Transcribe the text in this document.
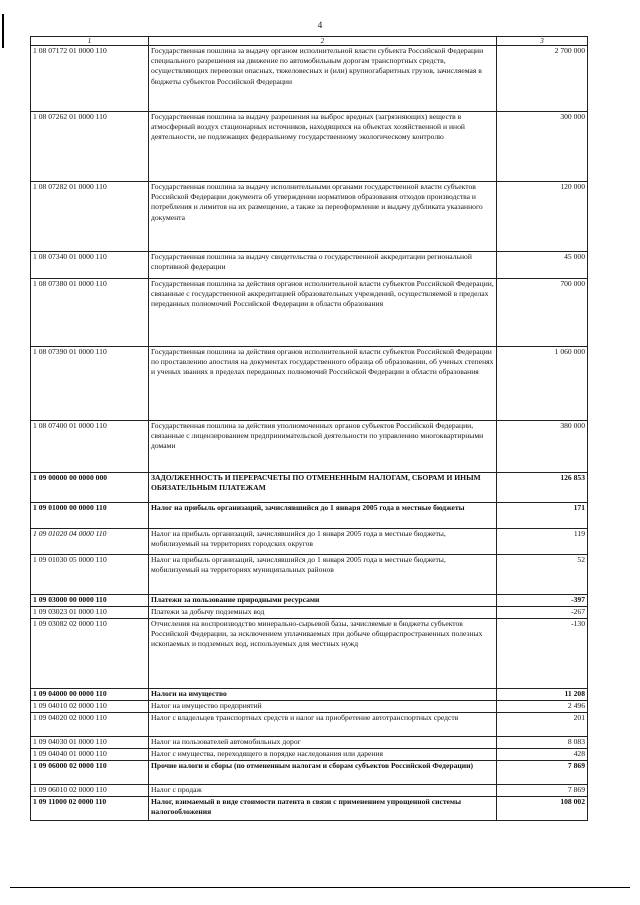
4
1	2	3
1 08 07172 01 0000 110	Государственная пошлина за выдачу органом исполнительной власти субъекта Российской Федерации специального разрешения на движение по автомобильным дорогам транспортных средств, осуществляющих перевозки опасных, тяжеловесных и (или) крупногабаритных грузов, зачисляемая в бюджеты субъектов Российской Федерации	2 700 000
1 08 07262 01 0000 110	Государственная пошлина за выдачу разрешения на выброс вредных (загрязняющих) веществ в атмосферный воздух стационарных источников, находящихся на объектах хозяйственной и иной деятельности, не подлежащих федеральному государственному экологическому контролю	300 000
1 08 07282 01 0000 110	Государственная пошлина за выдачу исполнительными органами государственной власти субъектов Российской Федерации документа об утверждении нормативов образования отходов производства и потребления и лимитов на их размещение, а также за переоформление и выдачу дубликата указанного документа	120 000
1 08 07340 01 0000 110	Государственная пошлина за выдачу свидетельства о государственной аккредитации региональной спортивной федерации	45 000
1 08 07380 01 0000 110	Государственная пошлина за действия органов исполнительной власти субъектов Российской Федерации, связанные с государственной аккредитацией образовательных учреждений, осуществляемой в пределах переданных полномочий Российской Федерации в области образования	700 000
1 08 07390 01 0000 110	Государственная пошлина за действия органов исполнительной власти субъектов Российской Федерации по проставлению апостиля на документах государственного образца об образовании, об ученых степенях и ученых званиях в пределах переданных полномочий Российской Федерации в области образования	1 060 000
1 08 07400 01 0000 110	Государственная пошлина за действия уполномоченных органов субъектов Российской Федерации, связанные с лицензированием предпринимательской деятельности по управлению многоквартирными домами	380 000
1 09 00000 00 0000 000	ЗАДОЛЖЕННОСТЬ И ПЕРЕРАСЧЕТЫ ПО ОТМЕНЕННЫМ НАЛОГАМ, СБОРАМ И ИНЫМ ОБЯЗАТЕЛЬНЫМ ПЛАТЕЖАМ	126 853
1 09 01000 00 0000 110	Налог на прибыль организаций, зачислявшийся до 1 января 2005 года в местные бюджеты	171
1 09 01020 04 0000 110	Налог на прибыль организаций, зачислявшийся до 1 января 2005 года в местные бюджеты, мобилизуемый на территориях городских округов	119
1 09 01030 05 0000 110	Налог на прибыль организаций, зачислявшийся до 1 января 2005 года в местные бюджеты, мобилизуемый на территориях муниципальных районов	52
1 09 03000 00 0000 110	Платежи за пользование природными ресурсами	-397
1 09 03023 01 0000 110	Платежи за добычу подземных вод	-267
1 09 03082 02 0000 110	Отчисления на воспроизводство минерально-сырьевой базы, зачисляемые в бюджеты субъектов Российской Федерации, за исключением уплачиваемых при добыче общераспространенных полезных ископаемых и подземных вод, используемых для местных нужд	-130
1 09 04000 00 0000 110	Налоги на имущество	11 208
1 09 04010 02 0000 110	Налог на имущество предприятий	2 496
1 09 04020 02 0000 110	Налог с владельцев транспортных средств и налог на приобретение автотранспортных средств	201
1 09 04030 01 0000 110	Налог на пользователей автомобильных дорог	8 083
1 09 04040 01 0000 110	Налог с имущества, переходящего в порядке наследования или дарения	428
1 09 06000 02 0000 110	Прочие налоги и сборы (по отмененным налогам и сборам субъектов Российской Федерации)	7 869
1 09 06010 02 0000 110	Налог с продаж	7 869
1 09 11000 02 0000 110	Налог, взимаемый в виде стоимости патента в связи с применением упрощенной системы налогообложения	108 002
